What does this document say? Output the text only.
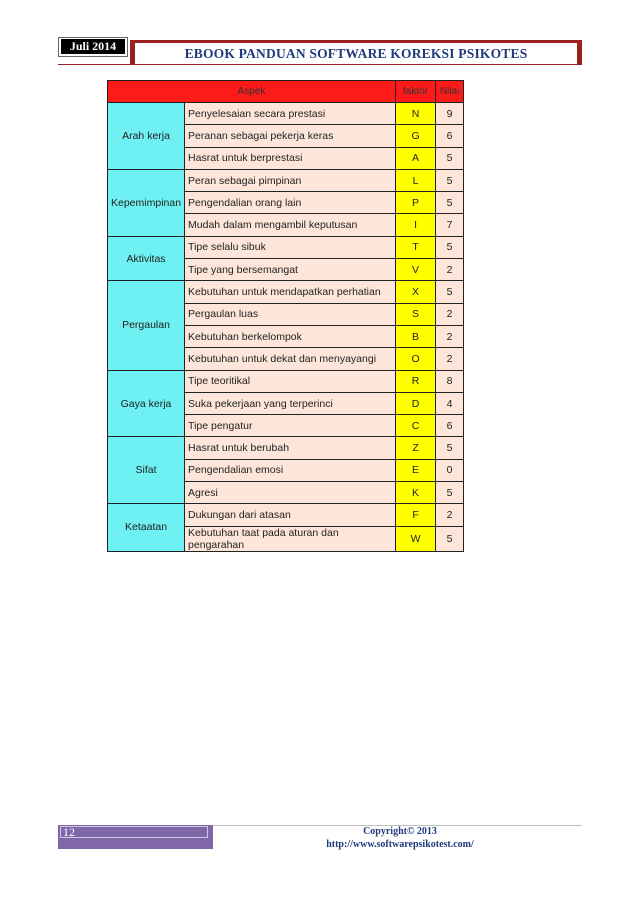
Juli 2014	EBOOK PANDUAN SOFTWARE KOREKSI PSIKOTES
Aspek		faktor	Nilai
Arah kerja	Penyelesaian secara prestasi	N	9
	Peranan sebagai pekerja keras	G	6
	Hasrat untuk berprestasi	A	5
Kepemimpinan	Peran sebagai pimpinan	L	5
	Pengendalian orang lain	P	5
	Mudah dalam mengambil keputusan	I	7
Aktivitas	Tipe selalu sibuk	T	5
	Tipe yang bersemangat	V	2
Pergaulan	Kebutuhan untuk mendapatkan perhatian	X	5
	Pergaulan luas	S	2
	Kebutuhan berkelompok	B	2
	Kebutuhan untuk dekat dan menyayangi	O	2
Gaya kerja	Tipe teoritikal	R	8
	Suka pekerjaan yang terperinci	D	4
	Tipe pengatur	C	6
Sifat	Hasrat untuk berubah	Z	5
	Pengendalian emosi	E	0
	Agresi	K	5
Ketaatan	Dukungan dari atasan	F	2
	Kebutuhan taat pada aturan dan pengarahan	W	5
12	Copyright© 2013
http://www.softwarepsikotest.com/
